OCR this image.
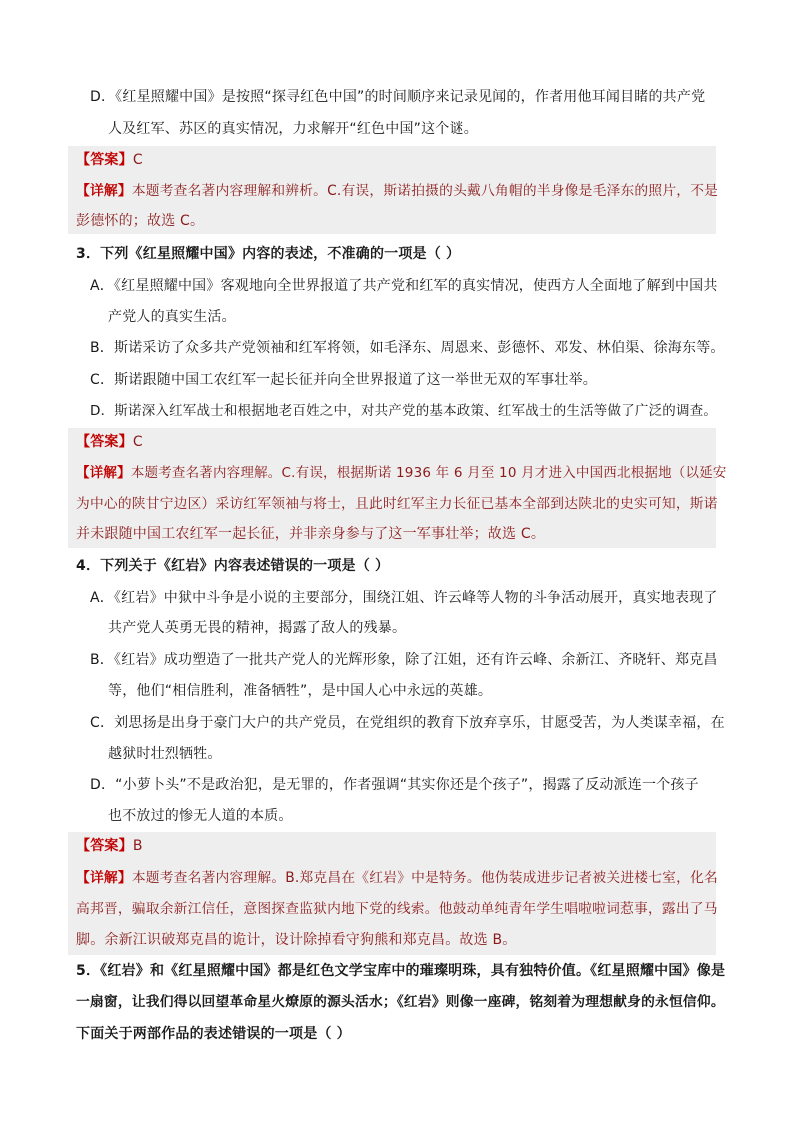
D．《红星照耀中国》是按照“探寻红色中国”的时间顺序来记录见闻的，作者用他耳闻目睹的共产党
人及红军、苏区的真实情况，力求解开“红色中国”这个谜。
【答案】C
【详解】本题考查名著内容理解和辨析。C.有误，斯诺拍摄的头戴八角帽的半身像是毛泽东的照片，不是
彭德怀的；故选 C。
3．下列《红星照耀中国》内容的表述，不准确的一项是（ ）
A．《红星照耀中国》客观地向全世界报道了共产党和红军的真实情况，使西方人全面地了解到中国共
产党人的真实生活。
B．斯诺采访了众多共产党领袖和红军将领，如毛泽东、周恩来、彭德怀、邓发、林伯渠、徐海东等。
C．斯诺跟随中国工农红军一起长征并向全世界报道了这一举世无双的军事壮举。
D．斯诺深入红军战士和根据地老百姓之中，对共产党的基本政策、红军战士的生活等做了广泛的调查。
【答案】C
【详解】本题考查名著内容理解。C.有误，根据斯诺 1936 年 6 月至 10 月才进入中国西北根据地（以延安
为中心的陕甘宁边区）采访红军领袖与将士，且此时红军主力长征已基本全部到达陕北的史实可知，斯诺
并未跟随中国工农红军一起长征，并非亲身参与了这一军事壮举；故选 C。
4．下列关于《红岩》内容表述错误的一项是（ ）
A．《红岩》中狱中斗争是小说的主要部分，围绕江姐、许云峰等人物的斗争活动展开，真实地表现了
共产党人英勇无畏的精神，揭露了敌人的残暴。
B．《红岩》成功塑造了一批共产党人的光辉形象，除了江姐，还有许云峰、余新江、齐晓轩、郑克昌
等，他们“相信胜利，准备牺牲”，是中国人心中永远的英雄。
C．刘思扬是出身于豪门大户的共产党员，在党组织的教育下放弃享乐，甘愿受苦，为人类谋幸福，在
越狱时壮烈牺牲。
D．“小萝卜头”不是政治犯，是无罪的，作者强调“其实你还是个孩子”，揭露了反动派连一个孩子
也不放过的惨无人道的本质。
【答案】B
【详解】本题考查名著内容理解。B.郑克昌在《红岩》中是特务。他伪装成进步记者被关进楼七室，化名
高邦晋，骗取余新江信任，意图探查监狱内地下党的线索。他鼓动单纯青年学生唱啦啦词惹事，露出了马
脚。余新江识破郑克昌的诡计，设计除掉看守狗熊和郑克昌。故选 B。
5．《红岩》和《红星照耀中国》都是红色文学宝库中的璀璨明珠，具有独特价值。《红星照耀中国》像是
一扇窗，让我们得以回望革命星火燎原的源头活水；《红岩》则像一座碑，铭刻着为理想献身的永恒信仰。
下面关于两部作品的表述错误的一项是（ ）
